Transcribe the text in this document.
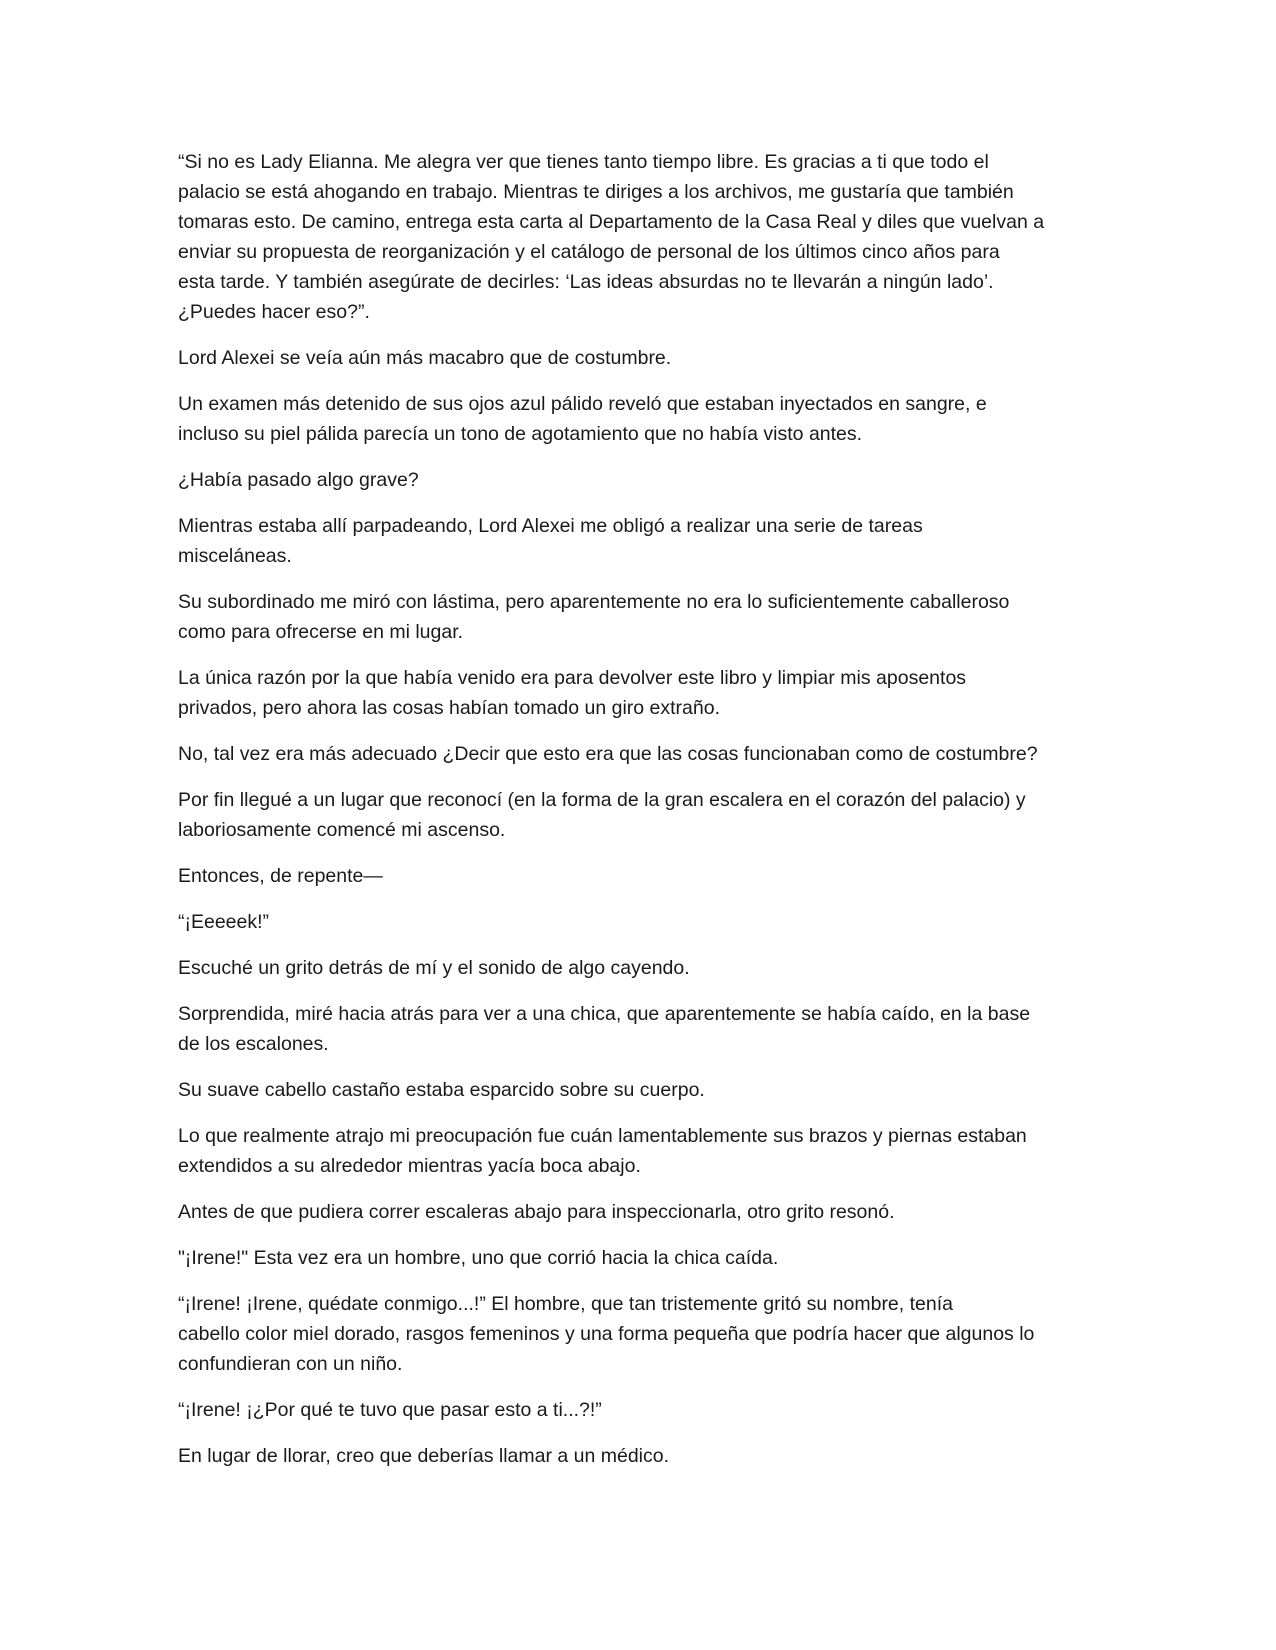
“Si no es Lady Elianna. Me alegra ver que tienes tanto tiempo libre. Es gracias a ti que todo el
palacio se está ahogando en trabajo. Mientras te diriges a los archivos, me gustaría que también
tomaras esto. De camino, entrega esta carta al Departamento de la Casa Real y diles que vuelvan a
enviar su propuesta de reorganización y el catálogo de personal de los últimos cinco años para
esta tarde. Y también asegúrate de decirles: ‘Las ideas absurdas no te llevarán a ningún lado’.
¿Puedes hacer eso?”.

Lord Alexei se veía aún más macabro que de costumbre.

Un examen más detenido de sus ojos azul pálido reveló que estaban inyectados en sangre, e
incluso su piel pálida parecía un tono de agotamiento que no había visto antes.

¿Había pasado algo grave?

Mientras estaba allí parpadeando, Lord Alexei me obligó a realizar una serie de tareas
misceláneas.

Su subordinado me miró con lástima, pero aparentemente no era lo suficientemente caballeroso
como para ofrecerse en mi lugar.

La única razón por la que había venido era para devolver este libro y limpiar mis aposentos
privados, pero ahora las cosas habían tomado un giro extraño.

No, tal vez era más adecuado ¿Decir que esto era que las cosas funcionaban como de costumbre?

Por fin llegué a un lugar que reconocí (en la forma de la gran escalera en el corazón del palacio) y
laboriosamente comencé mi ascenso.

Entonces, de repente—

“¡Eeeeek!”

Escuché un grito detrás de mí y el sonido de algo cayendo.

Sorprendida, miré hacia atrás para ver a una chica, que aparentemente se había caído, en la base
de los escalones.

Su suave cabello castaño estaba esparcido sobre su cuerpo.

Lo que realmente atrajo mi preocupación fue cuán lamentablemente sus brazos y piernas estaban
extendidos a su alrededor mientras yacía boca abajo.

Antes de que pudiera correr escaleras abajo para inspeccionarla, otro grito resonó.

"¡Irene!" Esta vez era un hombre, uno que corrió hacia la chica caída.

“¡Irene! ¡Irene, quédate conmigo...!” El hombre, que tan tristemente gritó su nombre, tenía
cabello color miel dorado, rasgos femeninos y una forma pequeña que podría hacer que algunos lo
confundieran con un niño.

“¡Irene! ¡¿Por qué te tuvo que pasar esto a ti...?!”

En lugar de llorar, creo que deberías llamar a un médico.
